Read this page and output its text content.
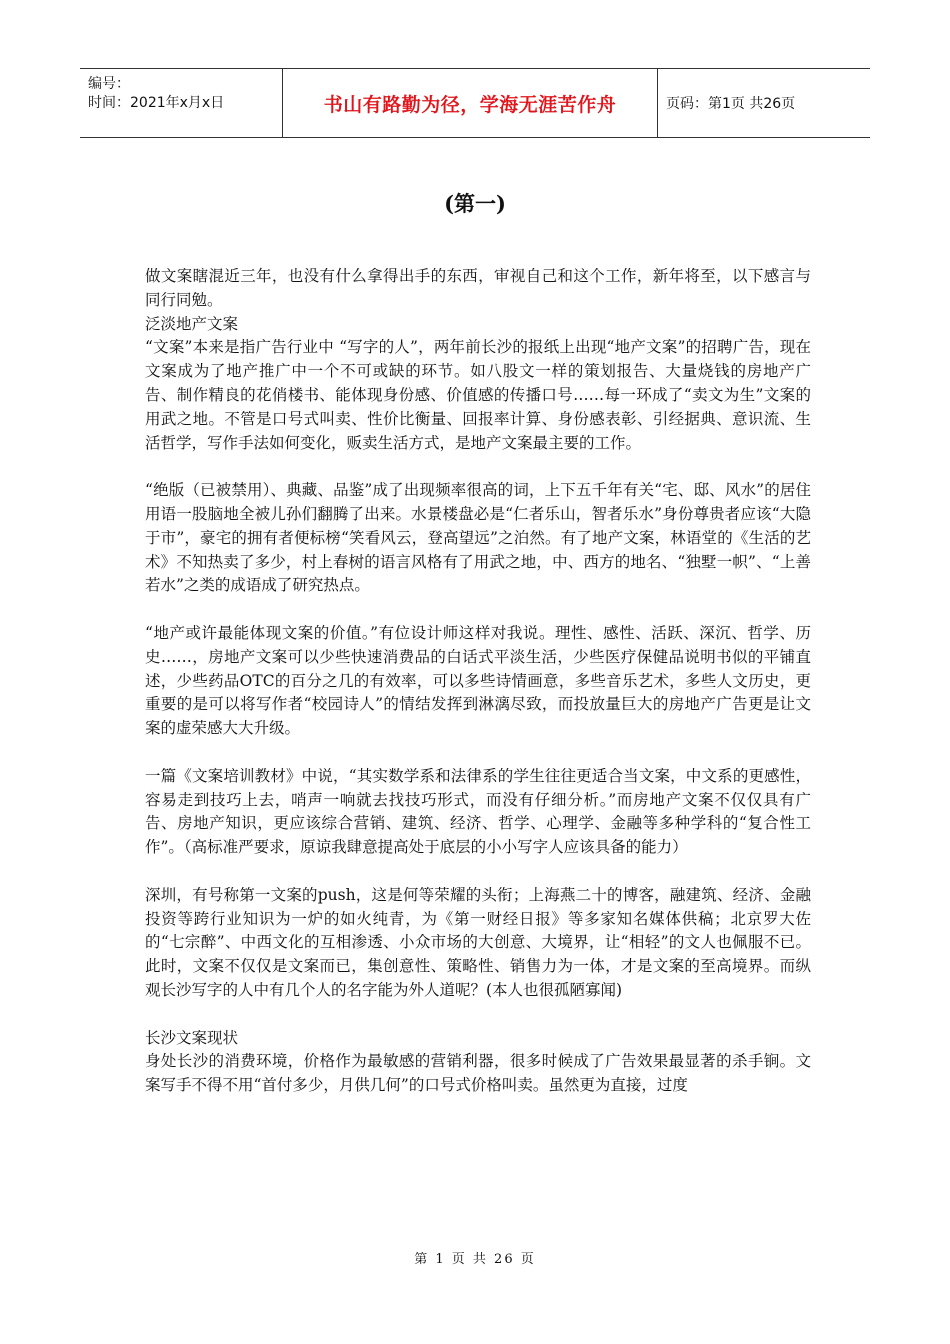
编号：
时间：2021年x月x日	书山有路勤为径，学海无涯苦作舟	页码：第1页 共26页
(第一)

做文案瞎混近三年，也没有什么拿得出手的东西，审视自己和这个工作，新年将至，以下感言与同行同勉。

泛淡地产文案

“文案”本来是指广告行业中 “写字的人”，两年前长沙的报纸上出现“地产文案”的招聘广告，现在文案成为了地产推广中一个不可或缺的环节。如八股文一样的策划报告、大量烧钱的房地产广告、制作精良的花俏楼书、能体现身份感、价值感的传播口号……每一环成了“卖文为生”文案的用武之地。不管是口号式叫卖、性价比衡量、回报率计算、身份感表彰、引经据典、意识流、生活哲学，写作手法如何变化，贩卖生活方式，是地产文案最主要的工作。

“绝版（已被禁用）、典藏、品鉴”成了出现频率很高的词，上下五千年有关“宅、邸、风水”的居住用语一股脑地全被儿孙们翻腾了出来。水景楼盘必是“仁者乐山，智者乐水”身份尊贵者应该“大隐于市”，豪宅的拥有者便标榜“笑看风云，登高望远”之泊然。有了地产文案，林语堂的《生活的艺术》不知热卖了多少，村上春树的语言风格有了用武之地，中、西方的地名、“独墅一帜”、“上善若水”之类的成语成了研究热点。

“地产或许最能体现文案的价值。”有位设计师这样对我说。理性、感性、活跃、深沉、哲学、历史……，房地产文案可以少些快速消费品的白话式平淡生活，少些医疗保健品说明书似的平铺直述，少些药品OTC的百分之几的有效率，可以多些诗情画意，多些音乐艺术，多些人文历史，更重要的是可以将写作者“校园诗人”的情结发挥到淋漓尽致，而投放量巨大的房地产广告更是让文案的虚荣感大大升级。

一篇《文案培训教材》中说，“其实数学系和法律系的学生往往更适合当文案，中文系的更感性，容易走到技巧上去，哨声一响就去找技巧形式，而没有仔细分析。”而房地产文案不仅仅具有广告、房地产知识，更应该综合营销、建筑、经济、哲学、心理学、金融等多种学科的“复合性工作”。（高标准严要求，原谅我肆意提高处于底层的小小写字人应该具备的能力）

深圳，有号称第一文案的push，这是何等荣耀的头衔；上海燕二十的博客，融建筑、经济、金融投资等跨行业知识为一炉的如火纯青，为《第一财经日报》等多家知名媒体供稿；北京罗大佐的“七宗醉”、中西文化的互相渗透、小众市场的大创意、大境界，让“相轻”的文人也佩服不已。此时，文案不仅仅是文案而已，集创意性、策略性、销售力为一体，才是文案的至高境界。而纵观长沙写字的人中有几个人的名字能为外人道呢？(本人也很孤陋寡闻)

长沙文案现状

身处长沙的消费环境，价格作为最敏感的营销利器，很多时候成了广告效果最显著的杀手锏。文案写手不得不用“首付多少，月供几何”的口号式价格叫卖。虽然更为直接，过度

第 1 页 共 26 页
